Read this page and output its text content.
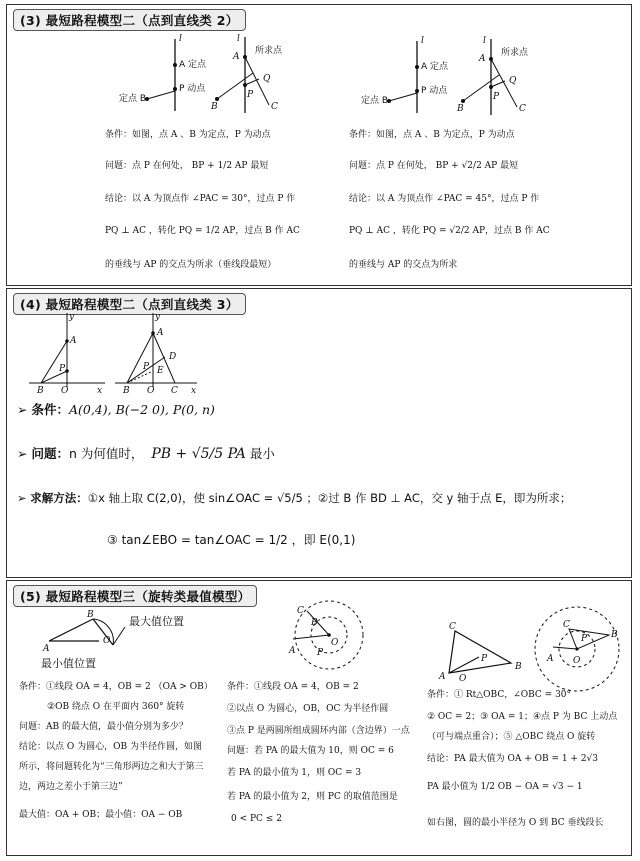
(3) 最短路程模型二（点到直线类 2）
l
A 定点
P 动点
定点 B
l
A
所求点
Q
C
B
P
l
A 定点
P 动点
定点 B
l
A
所求点
Q
C
B
P
条件：如图，点 A 、B 为定点，P 为动点
问题：点 P 在何处， BP + 1/2 AP 最短
结论：以 A 为顶点作 ∠PAC = 30°，过点 P 作
PQ ⊥ AC ，转化 PQ = 1/2 AP，过点 B 作 AC
的垂线与 AP 的交点为所求（垂线段最短）
条件：如图，点 A 、B 为定点，P 为动点
问题：点 P 在何处， BP + √2/2 AP 最短
结论：以 A 为顶点作 ∠PAC = 45°，过点 P 作
PQ ⊥ AC ，转化 PQ = √2/2 AP，过点 B 作 AC
的垂线与 AP 的交点为所求
(4) 最短路程模型二（点到直线类 3）
y
A
P
B O	x
y
A
D
E
P
B O C x
➢ 条件：A(0,4), B(−2 0), P(0, n)
➢ 问题：n 为何值时， PB + √5/5 PA 最小
➢ 求解方法：①x 轴上取 C(2,0)，使 sin∠OAC = √5/5 ；②过 B 作 BD ⊥ AC，交 y 轴于点 E，即为所求；
③ tan∠EBO = tan∠OAC = 1/2 ，即 E(0,1)
(5) 最短路程模型三（旋转类最值模型）
B
O
A
最大值位置
最小值位置
C
B
O
A P
C
P
B
A O
C
P	B
A O
条件：①线段 OA = 4，OB = 2 （OA > OB）
②OB 绕点 O 在平面内 360° 旋转
问题：AB 的最大值，最小值分别为多少？
结论：以点 O 为圆心，OB 为半径作圆，如图
所示，将问题转化为“三角形两边之和大于第三
边，两边之差小于第三边”
最大值：OA + OB；最小值：OA − OB
条件：①线段 OA = 4，OB = 2
②以点 O 为圆心，OB，OC 为半径作圆
③点 P 是两圆所组成圆环内部（含边界）一点
问题：若 PA 的最大值为 10，则 OC = 6
若 PA 的最小值为 1，则 OC = 3
若 PA 的最小值为 2，则 PC 的取值范围是
0 < PC ≤ 2
条件：① Rt△OBC，∠OBC = 30°
② OC = 2；③ OA = 1；④点 P 为 BC 上动点
（可与端点重合）；⑤ △OBC 绕点 O 旋转
结论：PA 最大值为 OA + OB = 1 + 2√3
PA 最小值为 1/2 OB − OA = √3 − 1
如右图，圆的最小半径为 O 到 BC 垂线段长
